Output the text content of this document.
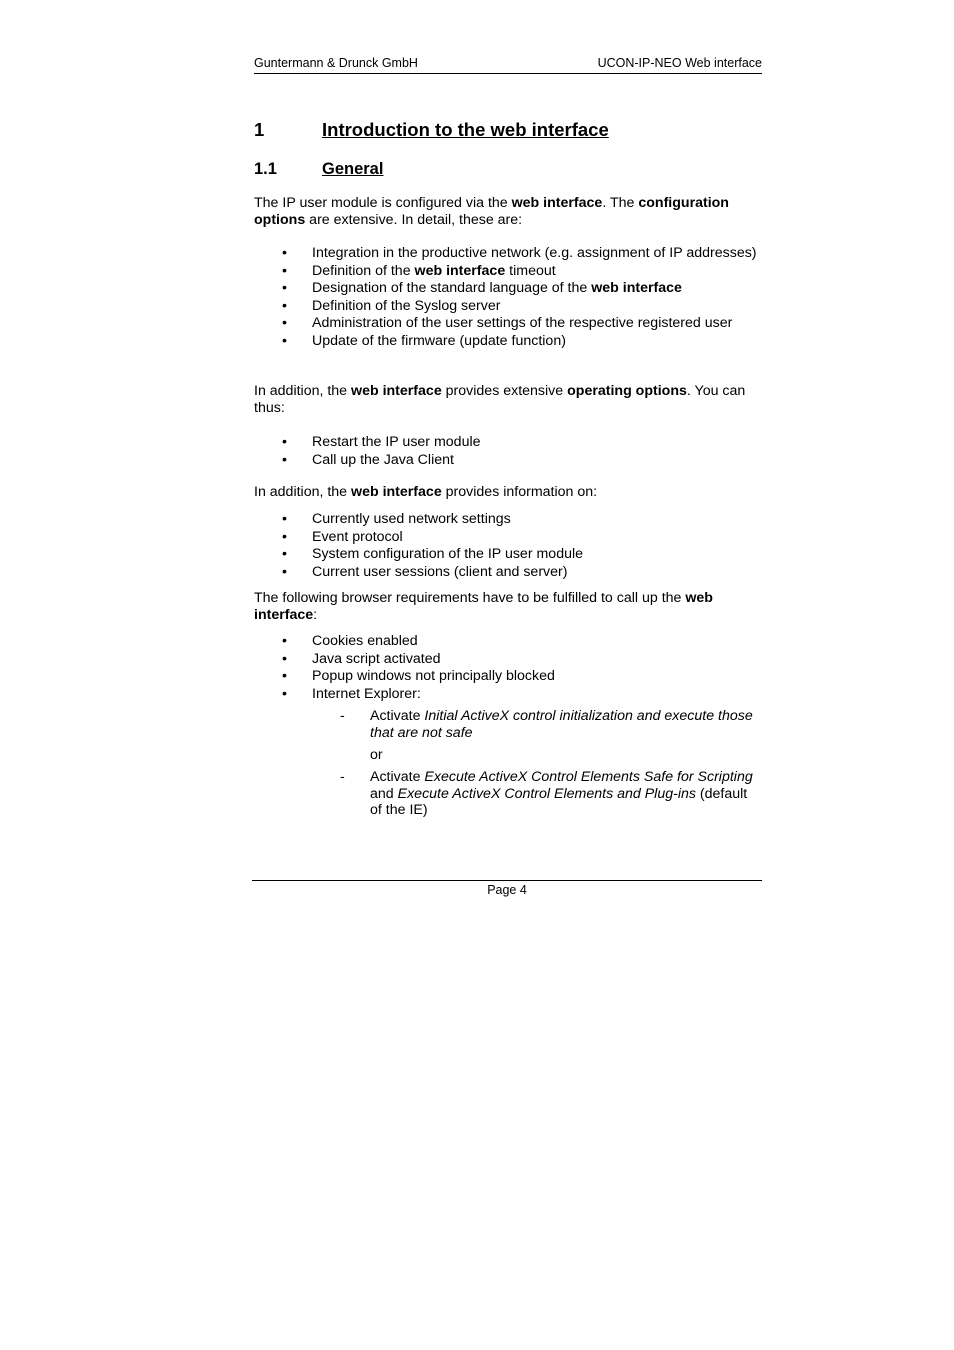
Guntermann & Drunck GmbH	UCON-IP-NEO Web interface
1	Introduction to the web interface
1.1	General

The IP user module is configured via the web interface. The configuration options are extensive. In detail, these are:

• Integration in the productive network (e.g. assignment of IP addresses)
• Definition of the web interface timeout
• Designation of the standard language of the web interface
• Definition of the Syslog server
• Administration of the user settings of the respective registered user
• Update of the firmware (update function)

In addition, the web interface provides extensive operating options. You can thus:

• Restart the IP user module
• Call up the Java Client

In addition, the web interface provides information on:

• Currently used network settings
• Event protocol
• System configuration of the IP user module
• Current user sessions (client and server)

The following browser requirements have to be fulfilled to call up the web interface:

• Cookies enabled
• Java script activated
• Popup windows not principally blocked
• Internet Explorer:
-	Activate Initial ActiveX control initialization and execute those that are not safe
or
-	Activate Execute ActiveX Control Elements Safe for Scripting and Execute ActiveX Control Elements and Plug-ins (default of the IE)
Page 4
